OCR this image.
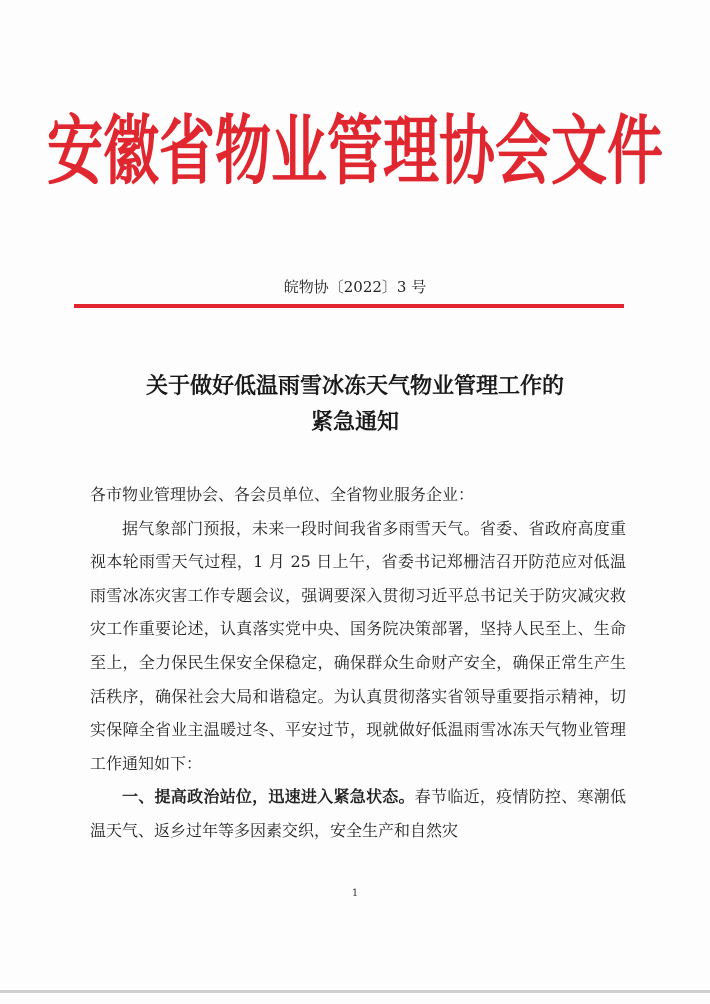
安徽省物业管理协会文件
皖物协〔2022〕3 号
关于做好低温雨雪冰冻天气物业管理工作的
紧急通知

各市物业管理协会、各会员单位、全省物业服务企业：

据气象部门预报，未来一段时间我省多雨雪天气。省委、省政府高度重视本轮雨雪天气过程，1 月 25 日上午，省委书记郑栅洁召开防范应对低温雨雪冰冻灾害工作专题会议，强调要深入贯彻习近平总书记关于防灾减灾救灾工作重要论述，认真落实党中央、国务院决策部署，坚持人民至上、生命至上，全力保民生保安全保稳定，确保群众生命财产安全，确保正常生产生活秩序，确保社会大局和谐稳定。为认真贯彻落实省领导重要指示精神，切实保障全省业主温暖过冬、平安过节，现就做好低温雨雪冰冻天气物业管理工作通知如下：

一、提高政治站位，迅速进入紧急状态。春节临近，疫情防控、寒潮低温天气、返乡过年等多因素交织，安全生产和自然灾

1
